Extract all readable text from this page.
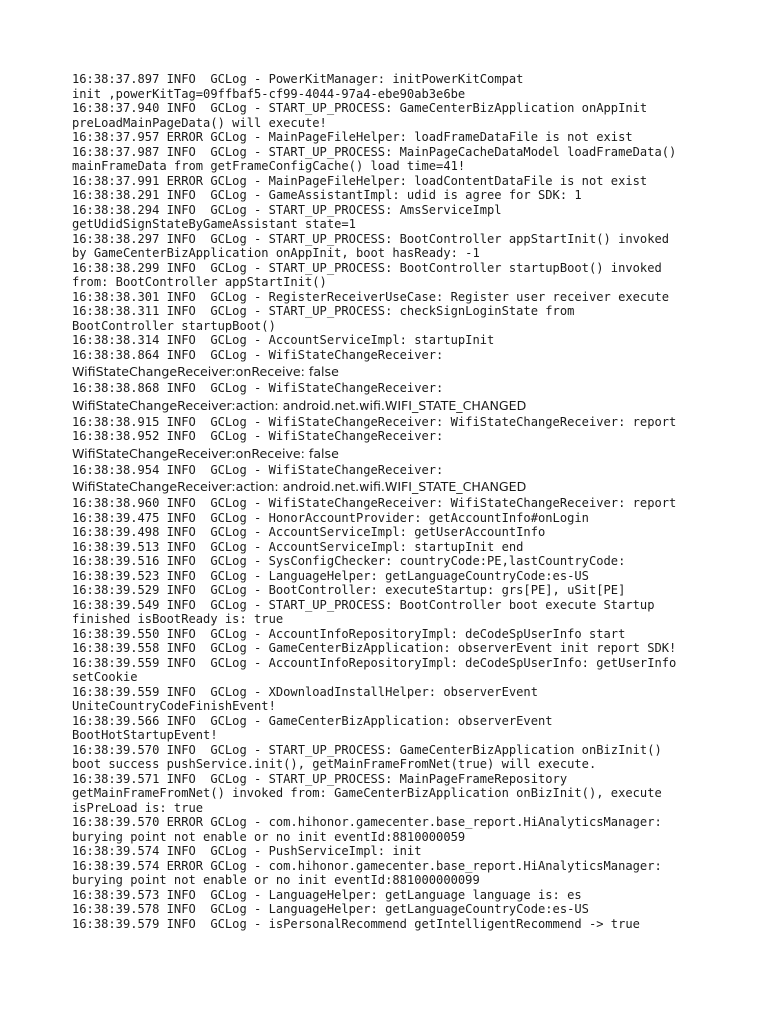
16:38:37.897 INFO  GCLog - PowerKitManager: initPowerKitCompat
init ,powerKitTag=09ffbaf5-cf99-4044-97a4-ebe90ab3e6be
16:38:37.940 INFO  GCLog - START_UP_PROCESS: GameCenterBizApplication onAppInit
preLoadMainPageData() will execute!
16:38:37.957 ERROR GCLog - MainPageFileHelper: loadFrameDataFile is not exist
16:38:37.987 INFO  GCLog - START_UP_PROCESS: MainPageCacheDataModel loadFrameData()
mainFrameData from getFrameConfigCache() load time=41!
16:38:37.991 ERROR GCLog - MainPageFileHelper: loadContentDataFile is not exist
16:38:38.291 INFO  GCLog - GameAssistantImpl: udid is agree for SDK: 1
16:38:38.294 INFO  GCLog - START_UP_PROCESS: AmsServiceImpl
getUdidSignStateByGameAssistant state=1
16:38:38.297 INFO  GCLog - START_UP_PROCESS: BootController appStartInit() invoked
by GameCenterBizApplication onAppInit, boot hasReady: -1
16:38:38.299 INFO  GCLog - START_UP_PROCESS: BootController startupBoot() invoked
from: BootController appStartInit()
16:38:38.301 INFO  GCLog - RegisterReceiverUseCase: Register user receiver execute
16:38:38.311 INFO  GCLog - START_UP_PROCESS: checkSignLoginState from
BootController startupBoot()
16:38:38.314 INFO  GCLog - AccountServiceImpl: startupInit
16:38:38.864 INFO  GCLog - WifiStateChangeReceiver:
WifiStateChangeReceiver:onReceive: false
16:38:38.868 INFO  GCLog - WifiStateChangeReceiver:
WifiStateChangeReceiver:action: android.net.wifi.WIFI_STATE_CHANGED
16:38:38.915 INFO  GCLog - WifiStateChangeReceiver: WifiStateChangeReceiver: report
16:38:38.952 INFO  GCLog - WifiStateChangeReceiver:
WifiStateChangeReceiver:onReceive: false
16:38:38.954 INFO  GCLog - WifiStateChangeReceiver:
WifiStateChangeReceiver:action: android.net.wifi.WIFI_STATE_CHANGED
16:38:38.960 INFO  GCLog - WifiStateChangeReceiver: WifiStateChangeReceiver: report
16:38:39.475 INFO  GCLog - HonorAccountProvider: getAccountInfo#onLogin
16:38:39.498 INFO  GCLog - AccountServiceImpl: getUserAccountInfo
16:38:39.513 INFO  GCLog - AccountServiceImpl: startupInit end
16:38:39.516 INFO  GCLog - SysConfigChecker: countryCode:PE,lastCountryCode:
16:38:39.523 INFO  GCLog - LanguageHelper: getLanguageCountryCode:es-US
16:38:39.529 INFO  GCLog - BootController: executeStartup: grs[PE], uSit[PE]
16:38:39.549 INFO  GCLog - START_UP_PROCESS: BootController boot execute Startup
finished isBootReady is: true
16:38:39.550 INFO  GCLog - AccountInfoRepositoryImpl: deCodeSpUserInfo start
16:38:39.558 INFO  GCLog - GameCenterBizApplication: observerEvent init report SDK!
16:38:39.559 INFO  GCLog - AccountInfoRepositoryImpl: deCodeSpUserInfo: getUserInfo
setCookie
16:38:39.559 INFO  GCLog - XDownloadInstallHelper: observerEvent
UniteCountryCodeFinishEvent!
16:38:39.566 INFO  GCLog - GameCenterBizApplication: observerEvent
BootHotStartupEvent!
16:38:39.570 INFO  GCLog - START_UP_PROCESS: GameCenterBizApplication onBizInit()
boot success pushService.init(), getMainFrameFromNet(true) will execute.
16:38:39.571 INFO  GCLog - START_UP_PROCESS: MainPageFrameRepository
getMainFrameFromNet() invoked from: GameCenterBizApplication onBizInit(), execute
isPreLoad is: true
16:38:39.570 ERROR GCLog - com.hihonor.gamecenter.base_report.HiAnalyticsManager:
burying point not enable or no init eventId:8810000059
16:38:39.574 INFO  GCLog - PushServiceImpl: init
16:38:39.574 ERROR GCLog - com.hihonor.gamecenter.base_report.HiAnalyticsManager:
burying point not enable or no init eventId:881000000099
16:38:39.573 INFO  GCLog - LanguageHelper: getLanguage language is: es
16:38:39.578 INFO  GCLog - LanguageHelper: getLanguageCountryCode:es-US
16:38:39.579 INFO  GCLog - isPersonalRecommend getIntelligentRecommend -> true
